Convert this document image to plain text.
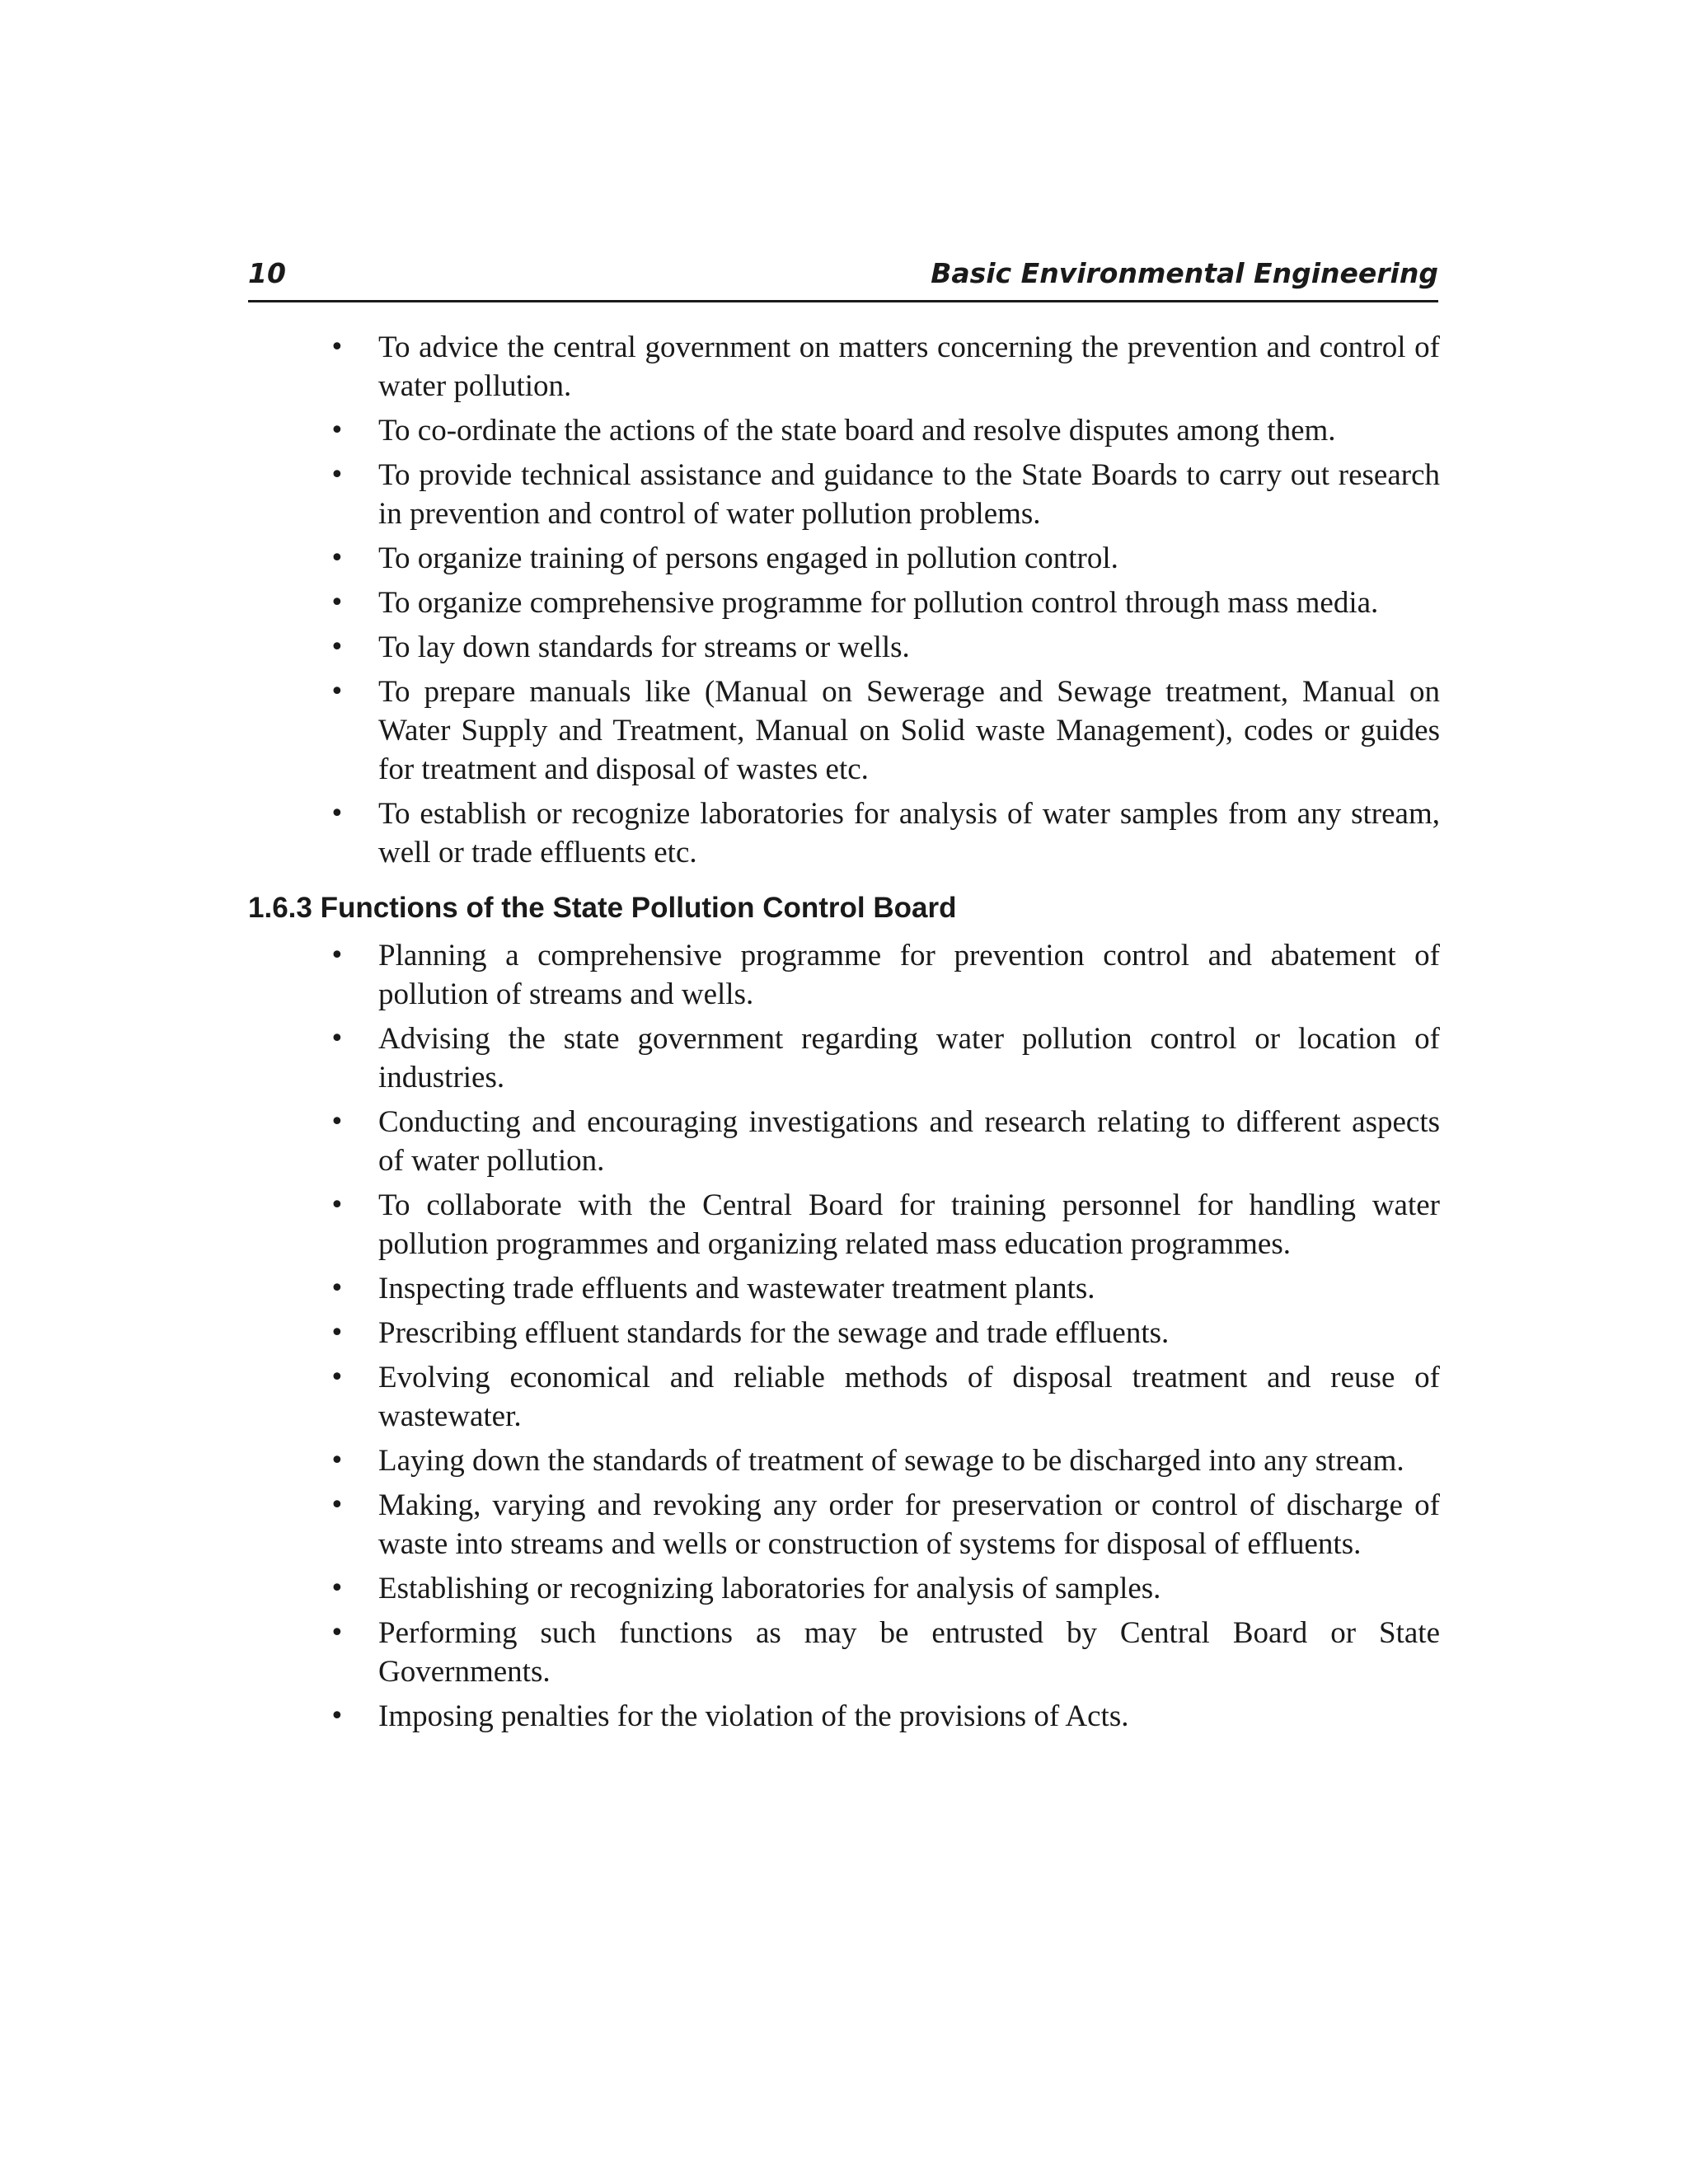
10	Basic Environmental Engineering
• To advice the central government on matters concerning the prevention and control of water pollution.
• To co-ordinate the actions of the state board and resolve disputes among them.
• To provide technical assistance and guidance to the State Boards to carry out research in prevention and control of water pollution problems.
• To organize training of persons engaged in pollution control.
• To organize comprehensive programme for pollution control through mass media.
• To lay down standards for streams or wells.
• To prepare manuals like (Manual on Sewerage and Sewage treatment, Manual on Water Supply and Treatment, Manual on Solid waste Management), codes or guides for treatment and disposal of wastes etc.
• To establish or recognize laboratories for analysis of water samples from any stream, well or trade effluents etc.
1.6.3 Functions of the State Pollution Control Board
• Planning a comprehensive programme for prevention control and abatement of pollution of streams and wells.
• Advising the state government regarding water pollution control or location of industries.
• Conducting and encouraging investigations and research relating to different aspects of water pollution.
• To collaborate with the Central Board for training personnel for handling water pollution programmes and organizing related mass education programmes.
• Inspecting trade effluents and wastewater treatment plants.
• Prescribing effluent standards for the sewage and trade effluents.
• Evolving economical and reliable methods of disposal treatment and reuse of wastewater.
• Laying down the standards of treatment of sewage to be discharged into any stream.
• Making, varying and revoking any order for preservation or control of discharge of waste into streams and wells or construction of systems for disposal of effluents.
• Establishing or recognizing laboratories for analysis of samples.
• Performing such functions as may be entrusted by Central Board or State Governments.
• Imposing penalties for the violation of the provisions of Acts.
